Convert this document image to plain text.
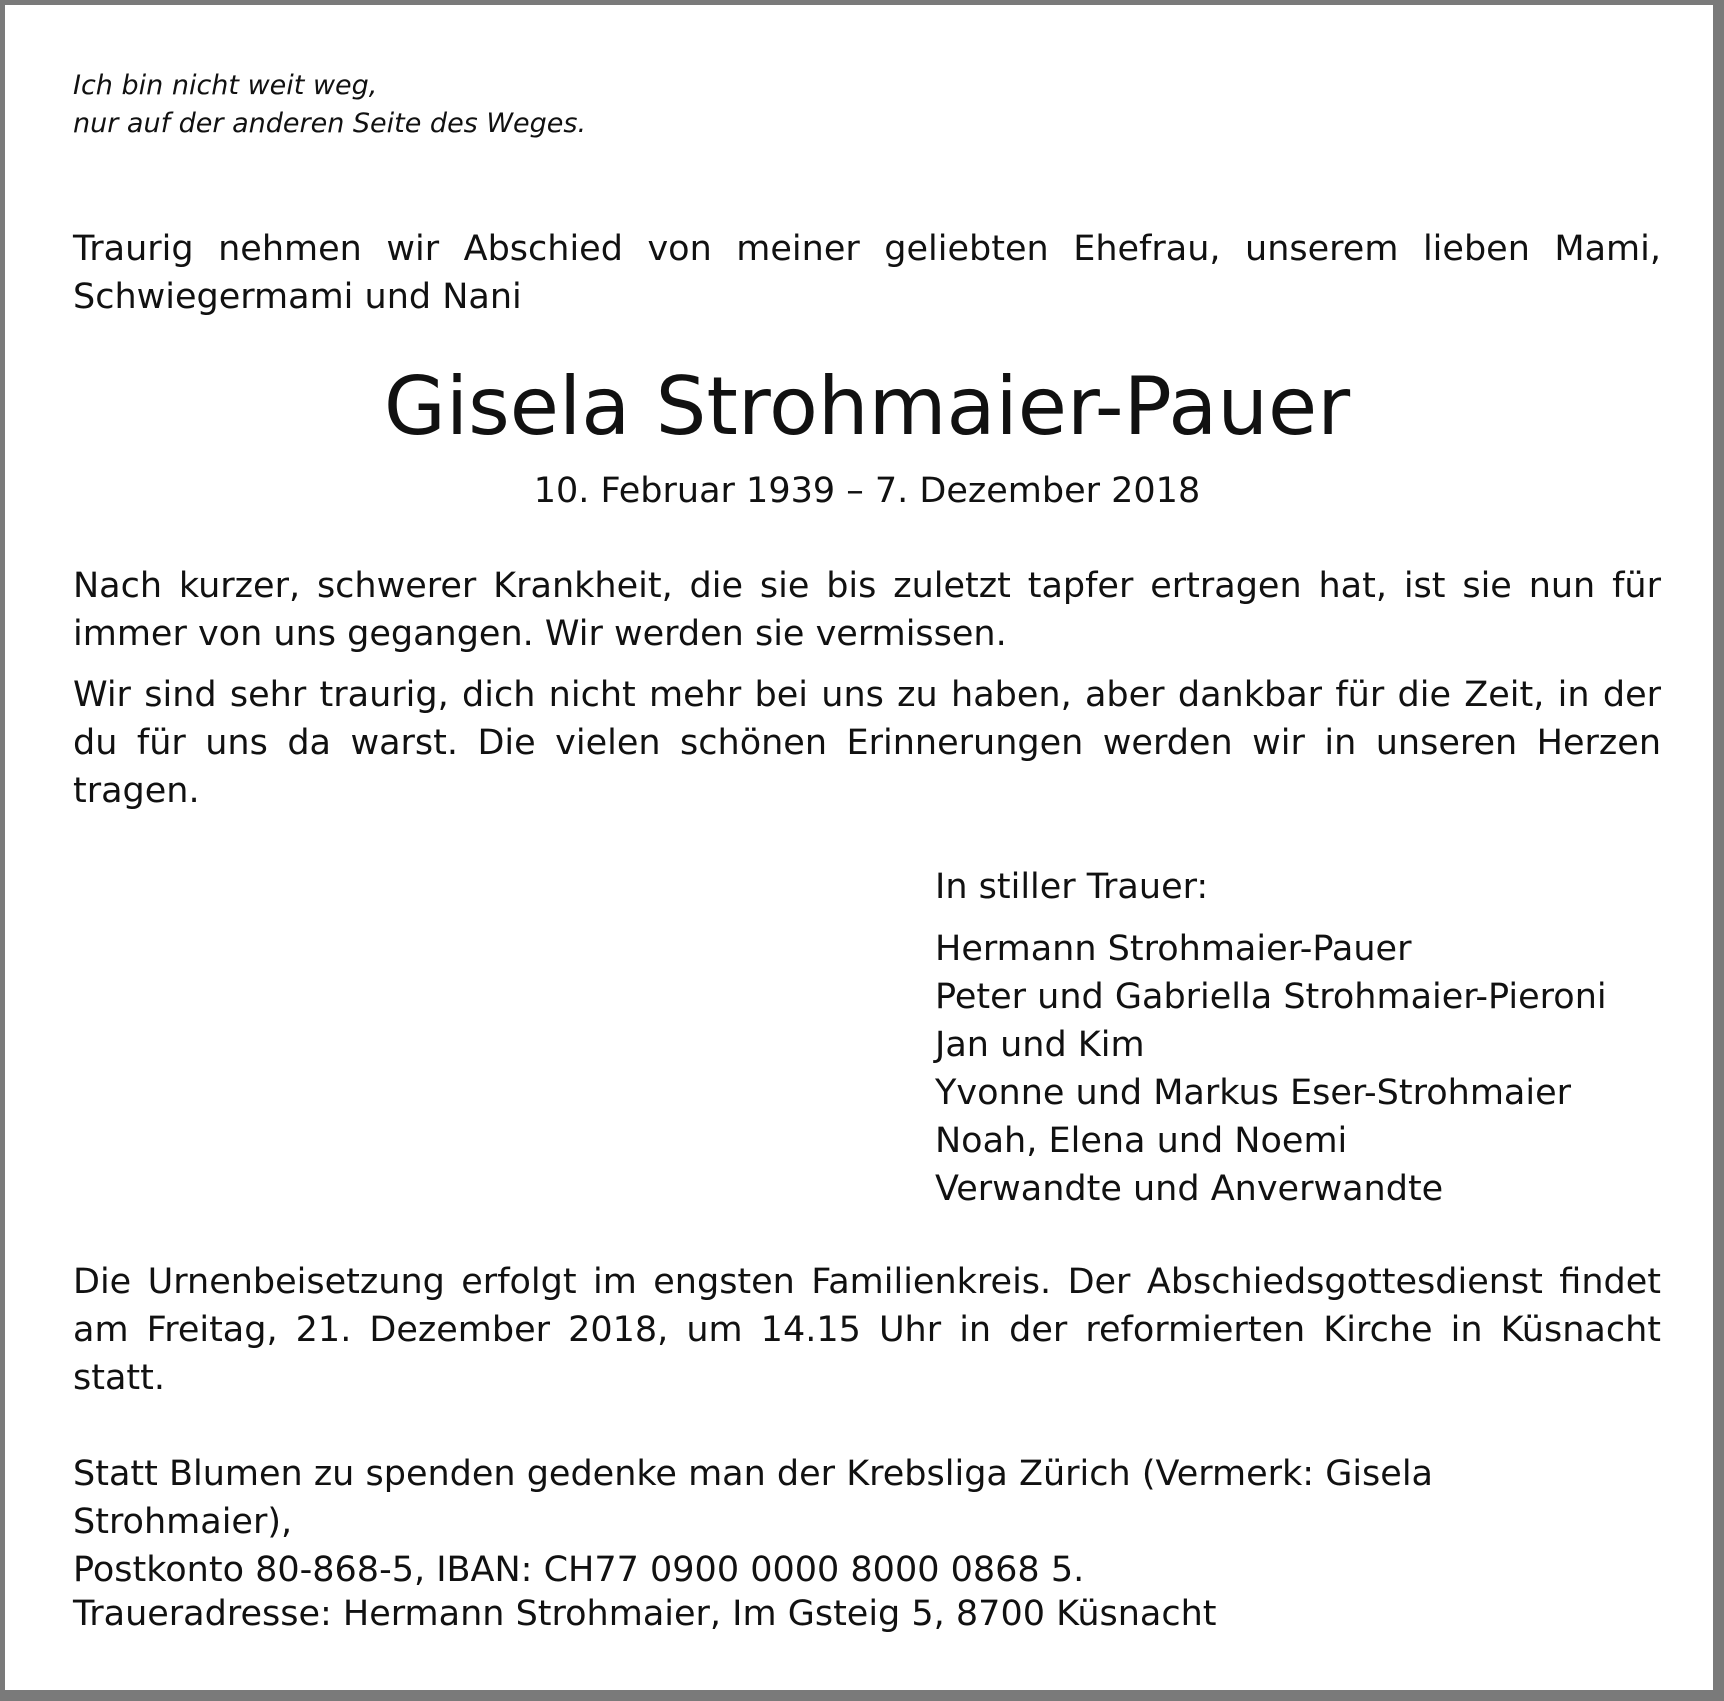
Ich bin nicht weit weg,
nur auf der anderen Seite des Weges.
Traurig nehmen wir Abschied von meiner geliebten Ehefrau, unserem lieben Mami,
Schwiegermami und Nani
Gisela Strohmaier-Pauer
10. Februar 1939 – 7. Dezember 2018
Nach kurzer, schwerer Krankheit, die sie bis zuletzt tapfer ertragen hat, ist sie nun für immer von uns gegangen. Wir werden sie vermissen.
Wir sind sehr traurig, dich nicht mehr bei uns zu haben, aber dankbar für die Zeit, in der du für uns da warst. Die vielen schönen Erinnerungen werden wir in unseren Herzen tragen.
In stiller Trauer:
Hermann Strohmaier-Pauer
Peter und Gabriella Strohmaier-Pieroni
Jan und Kim
Yvonne und Markus Eser-Strohmaier
Noah, Elena und Noemi
Verwandte und Anverwandte
Die Urnenbeisetzung erfolgt im engsten Familienkreis. Der Abschiedsgottesdienst findet am Freitag, 21. Dezember 2018, um 14.15 Uhr in der reformierten Kirche in Küsnacht statt.
Statt Blumen zu spenden gedenke man der Krebsliga Zürich (Vermerk: Gisela Strohmaier),
Postkonto 80-868-5, IBAN: CH77 0900 0000 8000 0868 5.
Traueradresse: Hermann Strohmaier, Im Gsteig 5, 8700 Küsnacht
